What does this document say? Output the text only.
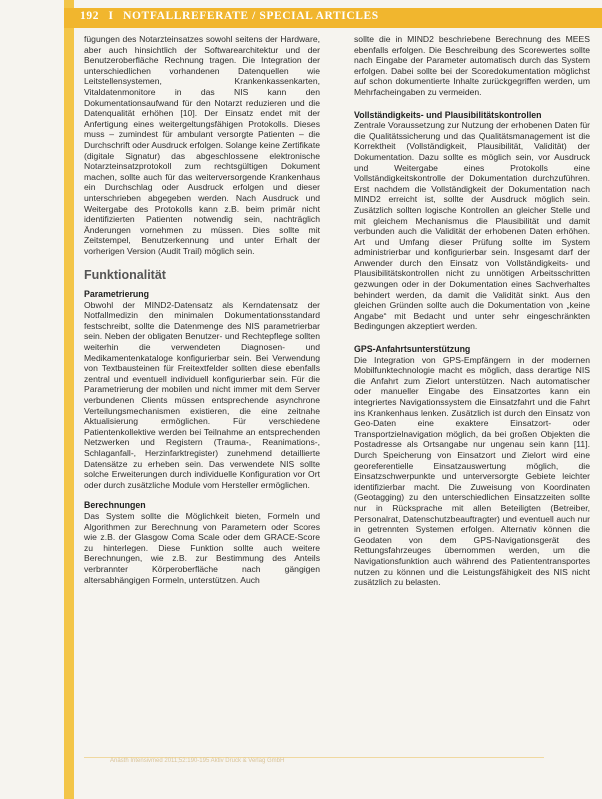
192 I NOTFALLREFERATE / SPECIAL ARTICLES

fügungen des Notarzteinsatzes sowohl seitens der Hardware, aber auch hinsichtlich der Softwarearchitektur und der Benutzeroberfläche Rechnung tragen. Die Integration der unterschiedlichen vorhandenen Datenquellen wie Leitstellensystemen, Krankenkassenkarten, Vitaldatenmonitore in das NIS kann den Dokumentationsaufwand für den Notarzt reduzieren und die Datenqualität erhöhen [10]. Der Einsatz endet mit der Anfertigung eines weitergeltungsfähigen Protokolls. Dieses muss – zumindest für ambulant versorgte Patienten – die Durchschrift oder Ausdruck erfolgen. Solange keine Zertifikate (digitale Signatur) das abgeschlossene elektronische Notarzteinsatzprotokoll zum rechtsgültigen Dokument machen, sollte auch für das weiterversorgende Krankenhaus ein Durchschlag oder Ausdruck erfolgen und dieser unterschrieben abgegeben werden. Nach Ausdruck und Weitergabe des Protokolls kann z.B. beim primär nicht identifizierten Patienten notwendig sein, nachträglich Änderungen vornehmen zu müssen. Dies sollte mit Zeitstempel, Benutzerkennung und unter Erhalt der vorherigen Version (Audit Trail) möglich sein.

Funktionalität
Parametrierung

Obwohl der MIND2-Datensatz als Kerndatensatz der Notfallmedizin den minimalen Dokumentationsstandard festschreibt, sollte die Datenmenge des NIS parametrierbar sein. Neben der obligaten Benutzer- und Rechtepflege sollten weiterhin die verwendeten Diagnosen- und Medikamentenkataloge konfigurierbar sein. Bei Verwendung von Textbausteinen für Freitextfelder sollten diese ebenfalls zentral und eventuell individuell konfigurierbar sein. Für die Parametrierung der mobilen und nicht immer mit dem Server verbundenen Clients müssen entsprechende asynchrone Verteilungsmechanismen existieren, die eine zeitnahe Aktualisierung ermöglichen. Für verschiedene Patientenkollektive werden bei Teilnahme an entsprechenden Netzwerken und Registern (Trauma-, Reanimations-, Schlaganfall-, Herzinfarktregister) zunehmend detaillierte Datensätze zu erheben sein. Das verwendete NIS sollte solche Erweiterungen durch individuelle Konfiguration vor Ort oder durch zusätzliche Module vom Hersteller ermöglichen.

Berechnungen

Das System sollte die Möglichkeit bieten, Formeln und Algorithmen zur Berechnung von Parametern oder Scores wie z.B. der Glasgow Coma Scale oder dem GRACE-Score zu hinterlegen. Diese Funktion sollte auch weitere Berechnungen, wie z.B. zur Bestimmung des Anteils verbrannter Körperoberfläche nach gängigen altersabhängigen Formeln, unterstützen. Auch

sollte die in MIND2 beschriebene Berechnung des MEES ebenfalls erfolgen. Die Beschreibung des Scorewertes sollte nach Eingabe der Parameter automatisch durch das System erfolgen. Dabei sollte bei der Scoredokumentation möglichst auf schon dokumentierte Inhalte zurückgegriffen werden, um Mehrfacheingaben zu vermeiden.

Vollständigkeits- und Plausibilitätskontrollen

Zentrale Voraussetzung zur Nutzung der erhobenen Daten für die Qualitätssicherung und das Qualitätsmanagement ist die Korrektheit (Vollständigkeit, Plausibilität, Validität) der Dokumentation. Dazu sollte es möglich sein, vor Ausdruck und Weitergabe eines Protokolls eine Vollständigkeitskontrolle der Dokumentation durchzuführen. Erst nachdem die Vollständigkeit der Dokumentation nach MIND2 erreicht ist, sollte der Ausdruck möglich sein. Zusätzlich sollten logische Kontrollen an gleicher Stelle und mit gleichem Mechanismus die Plausibilität und damit verbunden auch die Validität der erhobenen Daten erhöhen. Art und Umfang dieser Prüfung sollte im System administrierbar und konfigurierbar sein. Insgesamt darf der Anwender durch den Einsatz von Vollständigkeits- und Plausibilitätskontrollen nicht zu unnötigen Arbeitsschritten gezwungen oder in der Dokumentation eines Sachverhaltes behindert werden, da damit die Validität sinkt. Aus den gleichen Gründen sollte auch die Dokumentation von „keine Angabe“ mit Bedacht und unter sehr eingeschränkten Bedingungen akzeptiert werden.

GPS-Anfahrtsunterstützung

Die Integration von GPS-Empfängern in der modernen Mobilfunktechnologie macht es möglich, dass derartige NIS die Anfahrt zum Zielort unterstützen. Nach automatischer oder manueller Eingabe des Einsatzortes kann ein integriertes Navigationssystem die Einsatzfahrt und die Fahrt ins Krankenhaus lenken. Zusätzlich ist durch den Einsatz von Geo-Daten eine exaktere Einsatzort- oder Transportzielnavigation möglich, da bei großen Objekten die Postadresse als Ortsangabe nur ungenau sein kann [11]. Durch Speicherung von Einsatzort und Zielort wird eine georeferentielle Einsatzauswertung möglich, die Einsatzschwerpunkte und unterversorgte Gebiete leichter identifizierbar macht. Die Zuweisung von Koordinaten (Geotagging) zu den unterschiedlichen Einsatzzeiten sollte nur in Rücksprache mit allen Beteiligten (Betreiber, Personalrat, Datenschutzbeauftragter) und eventuell auch nur in getrennten Systemen erfolgen. Alternativ können die Geodaten von dem GPS-Navigationsgerät des Rettungsfahrzeuges übernommen werden, um die Navigationsfunktion auch während des Patiententransportes nutzen zu können und die Leistungsfähigkeit des NIS nicht zusätzlich zu belasten.

Anästh Intensivmed 2011;52:190-195 Aktiv Druck & Verlag GmbH
